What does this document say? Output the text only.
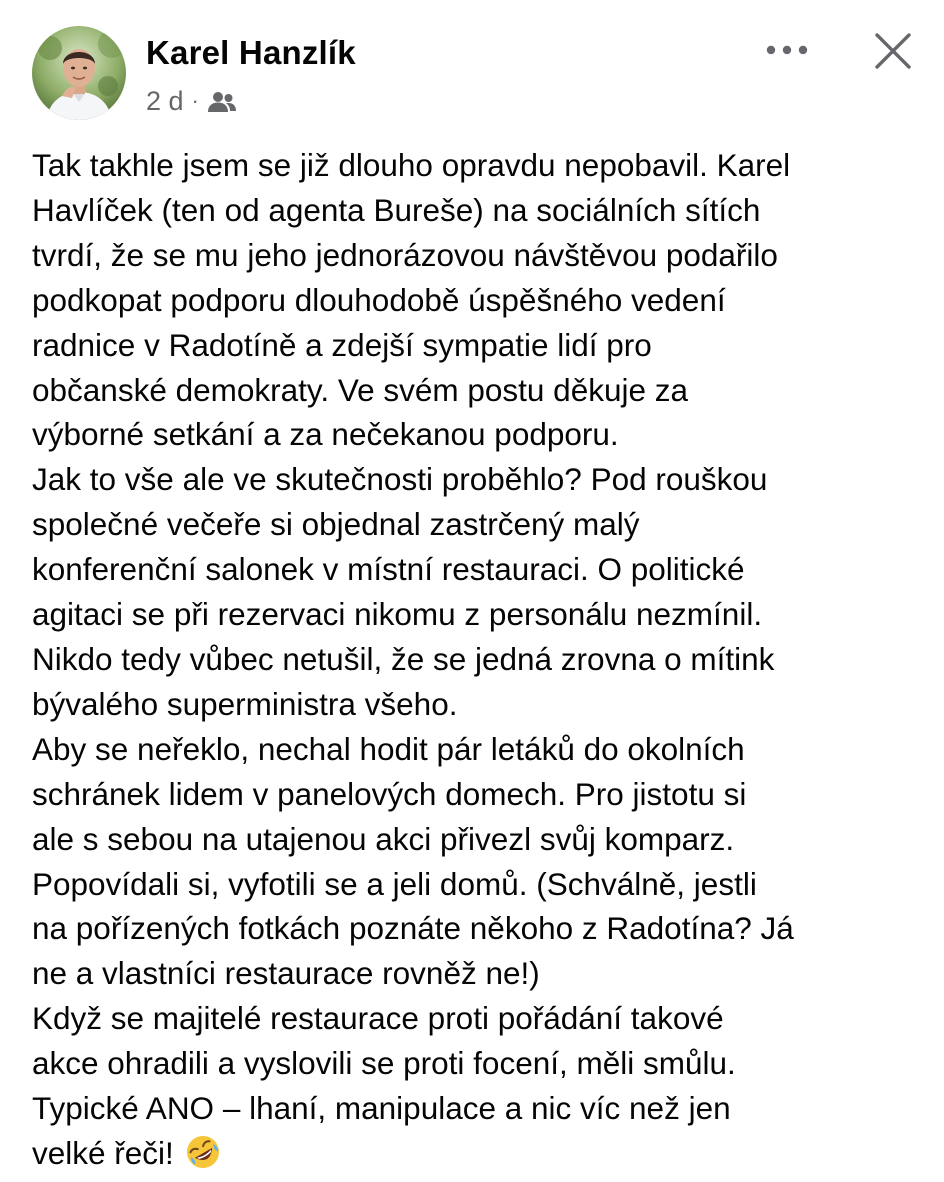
Karel Hanzlík
2 d ·

Tak takhle jsem se již dlouho opravdu nepobavil. Karel
Havlíček (ten od agenta Bureše) na sociálních sítích
tvrdí, že se mu jeho jednorázovou návštěvou podařilo
podkopat podporu dlouhodobě úspěšného vedení
radnice v Radotíně a zdejší sympatie lidí pro
občanské demokraty. Ve svém postu děkuje za
výborné setkání a za nečekanou podporu.

Jak to vše ale ve skutečnosti proběhlo? Pod rouškou
společné večeře si objednal zastrčený malý
konferenční salonek v místní restauraci. O politické
agitaci se při rezervaci nikomu z personálu nezmínil.
Nikdo tedy vůbec netušil, že se jedná zrovna o mítink
bývalého superministra všeho.

Aby se neřeklo, nechal hodit pár letáků do okolních
schránek lidem v panelových domech. Pro jistotu si
ale s sebou na utajenou akci přivezl svůj komparz.
Popovídali si, vyfotili se a jeli domů. (Schválně, jestli
na pořízených fotkách poznáte někoho z Radotína? Já
ne a vlastníci restaurace rovněž ne!)

Když se majitelé restaurace proti pořádání takové
akce ohradili a vyslovili se proti focení, měli smůlu.
Typické ANO – lhaní, manipulace a nic víc než jen
velké řeči!
